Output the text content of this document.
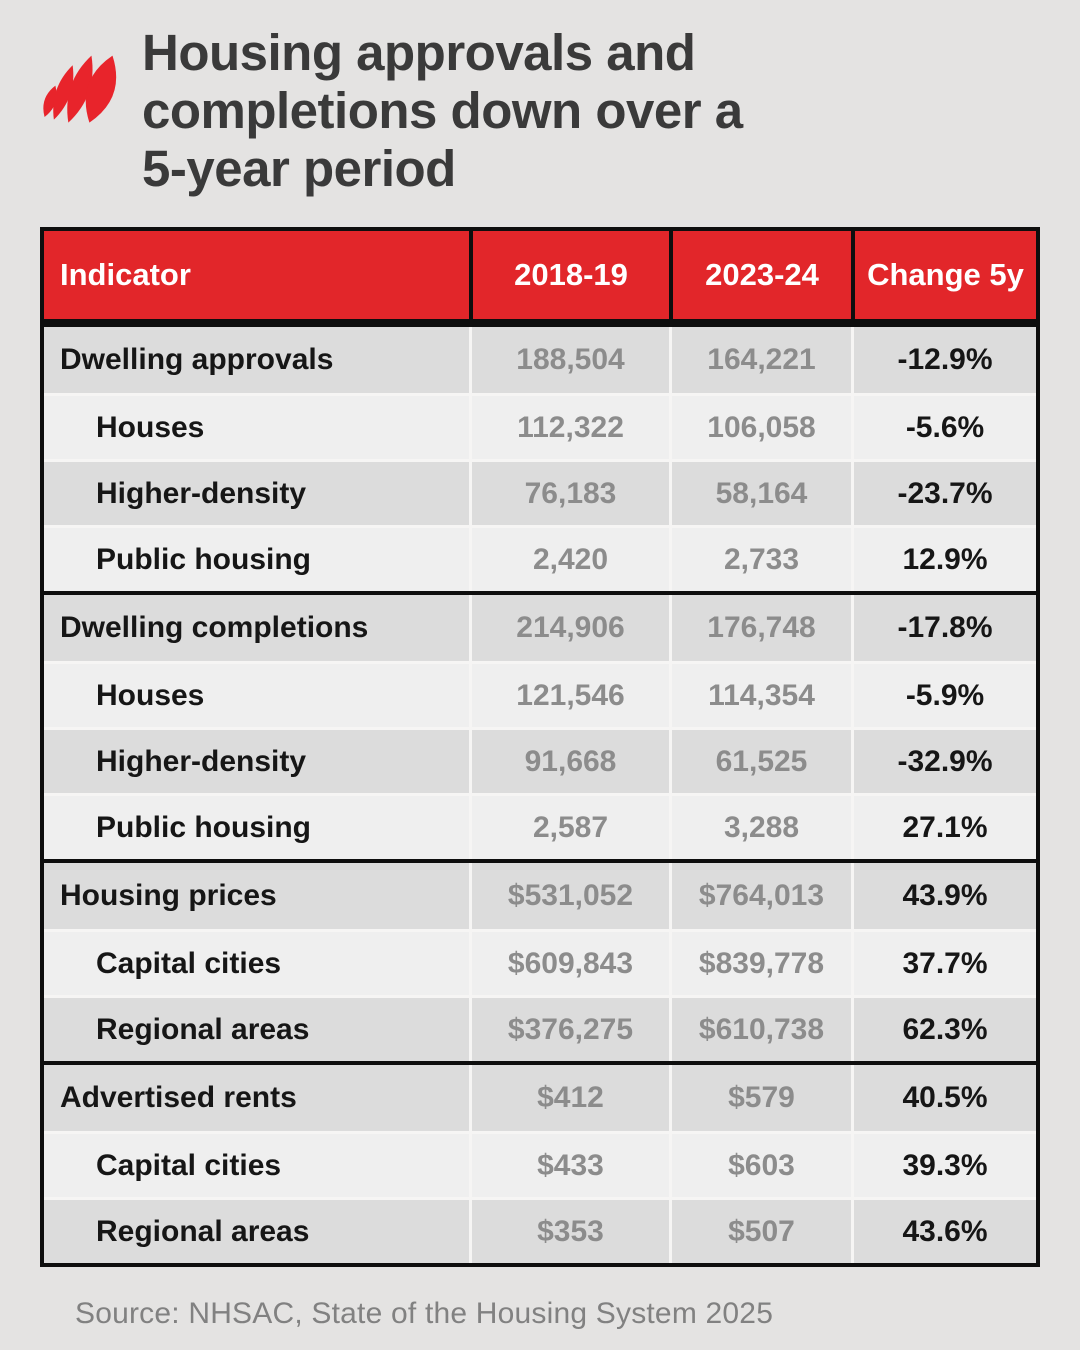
Housing approvals and
completions down over a
5-year period
Indicator	2018-19	2023-24	Change 5y
Dwelling approvals	188,504	164,221	-12.9%
Houses	112,322	106,058	-5.6%
Higher-density	76,183	58,164	-23.7%
Public housing	2,420	2,733	12.9%
Dwelling completions	214,906	176,748	-17.8%
Houses	121,546	114,354	-5.9%
Higher-density	91,668	61,525	-32.9%
Public housing	2,587	3,288	27.1%
Housing prices	$531,052	$764,013	43.9%
Capital cities	$609,843	$839,778	37.7%
Regional areas	$376,275	$610,738	62.3%
Advertised rents	$412	$579	40.5%
Capital cities	$433	$603	39.3%
Regional areas	$353	$507	43.6%
Source: NHSAC, State of the Housing System 2025
